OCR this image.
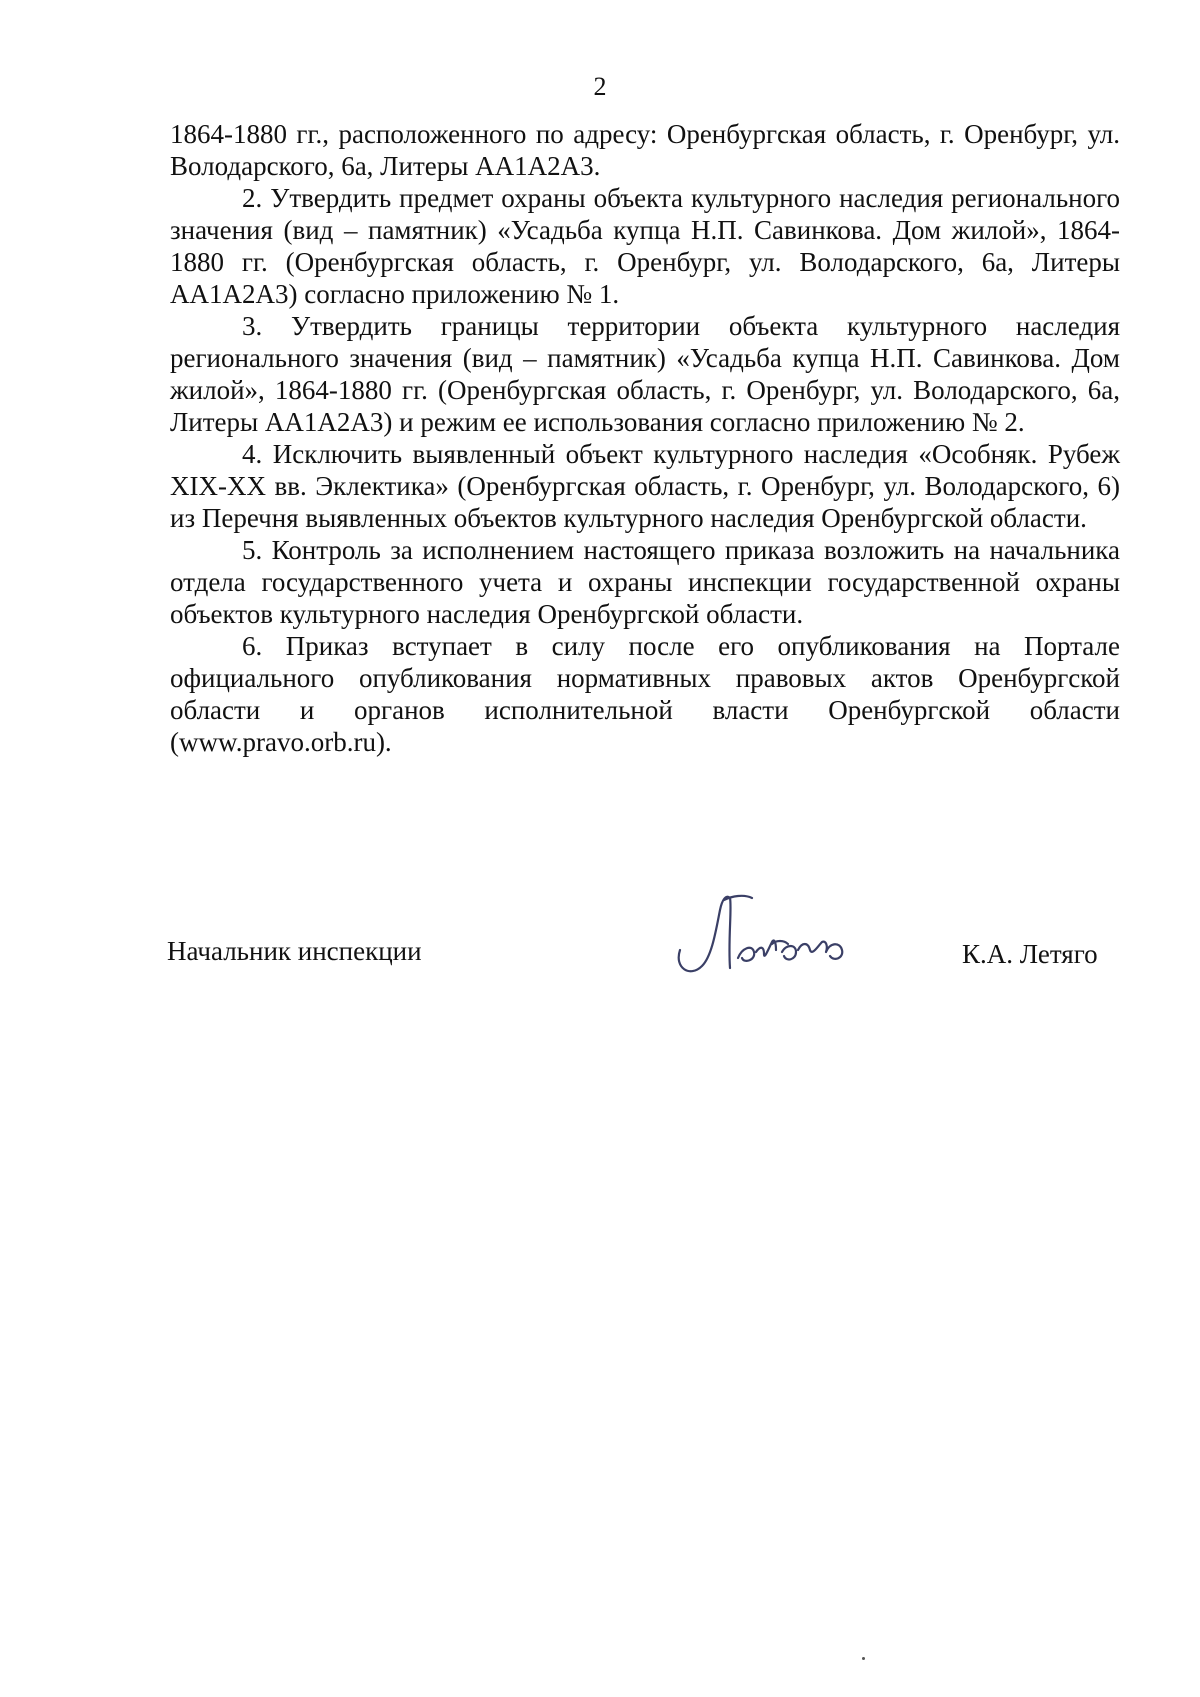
2

1864-1880 гг., расположенного по адресу: Оренбургская область, г. Оренбург, ул. Володарского, 6а, Литеры АА1А2А3.

2. Утвердить предмет охраны объекта культурного наследия регионального значения (вид – памятник) «Усадьба купца Н.П. Савинкова. Дом жилой», 1864-1880 гг. (Оренбургская область, г. Оренбург, ул. Володарского, 6а, Литеры АА1А2А3) согласно приложению № 1.

3. Утвердить границы территории объекта культурного наследия регионального значения (вид – памятник) «Усадьба купца Н.П. Савинкова. Дом жилой», 1864-1880 гг. (Оренбургская область, г. Оренбург, ул. Володарского, 6а, Литеры АА1А2А3) и режим ее использования согласно приложению № 2.

4. Исключить выявленный объект культурного наследия «Особняк. Рубеж XIX-XX вв. Эклектика» (Оренбургская область, г. Оренбург, ул. Володарского, 6) из Перечня выявленных объектов культурного наследия Оренбургской области.

5. Контроль за исполнением настоящего приказа возложить на начальника отдела государственного учета и охраны инспекции государственной охраны объектов культурного наследия Оренбургской области.

6. Приказ вступает в силу после его опубликования на Портале официального опубликования нормативных правовых актов Оренбургской области и органов исполнительной власти Оренбургской области (www.pravo.orb.ru).

Начальник инспекции	К.А. Летяго
